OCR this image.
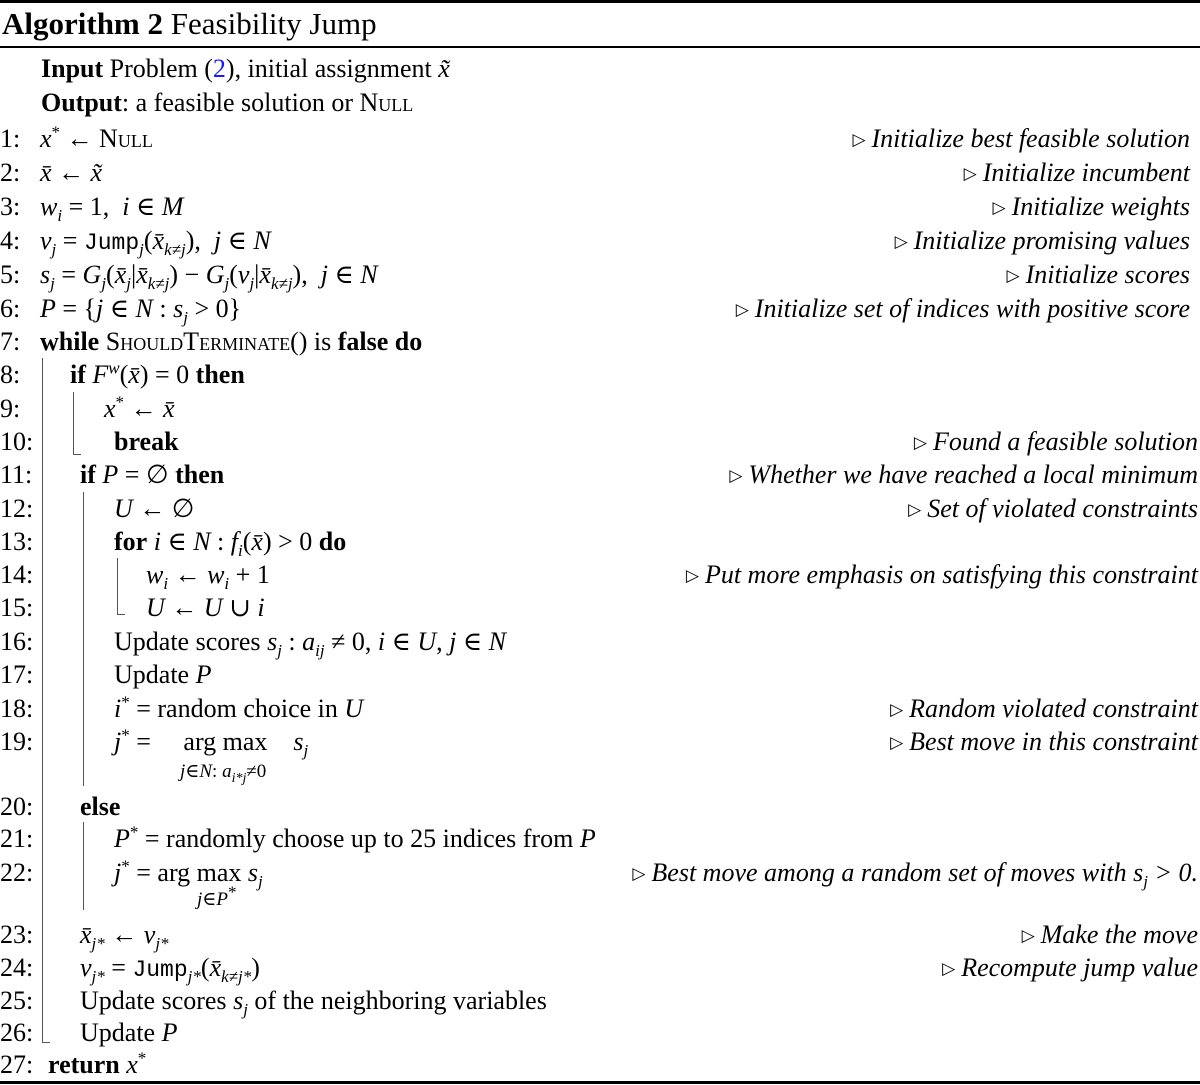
Algorithm 2 Feasibility Jump
Input Problem (2), initial assignment x̃
Output: a feasible solution or Null
1: x* ← Null	▷ Initialize best feasible solution
2: x̄ ← x̃	▷ Initialize incumbent
3: $w_i = 1$,  i ∈ M	▷ Initialize weights
4: $v_j$ = $Jump_j(x̄_{k\ne j})$,  j ∈ N	▷ Initialize promising values
5: $s_j$ = $G_j(x̄_j|x̄_{k\ne j})$ − $G_j(v_j|x̄_{k\ne j})$,  j ∈ N	▷ Initialize scores
6: P = {j ∈ N : $s_j > 0$}	▷ Initialize set of indices with positive score
7: while ShouldTerminate() is false do
8: if $F^w(x̄) = 0$ then
9:	x* ← x̄
10:	break	▷ Found a feasible solution
11: if P = ∅ then	▷ Whether we have reached a local minimum
12:	U ← ∅	▷ Set of violated constraints
13:	for i ∈ N : $f_i(x̄) > 0$ do
14:	$w_i$ ← $w_i + 1$	▷ Put more emphasis on satisfying this constraint
15:	U ← U ∪ i
16:	Update scores $s_j$ : $a_{ij} \ne 0$, i ∈ U, j ∈ N
17:	Update P
18:	i* = random choice in U	▷ Random violated constraint
19:	j* =     arg $\max s_j$	▷ Best move in this constraint
j∈N: $a_{i*j}\ne 0$
20: else
21:	P* = randomly choose up to 25 indices from P
22:	j* = arg $\max s_j$	▷ Best move among a random set of moves with $s_j > 0$.
j∈P*
23: $x̄_{j*}$ ← $v_{j*}$	▷ Make the move
24: $v_{j*}$ = $Jump_{j*}(x̄_{k\ne j*})$	▷ Recompute jump value
25: Update scores $s_j$ of the neighboring variables
26: Update P
27: return x*
